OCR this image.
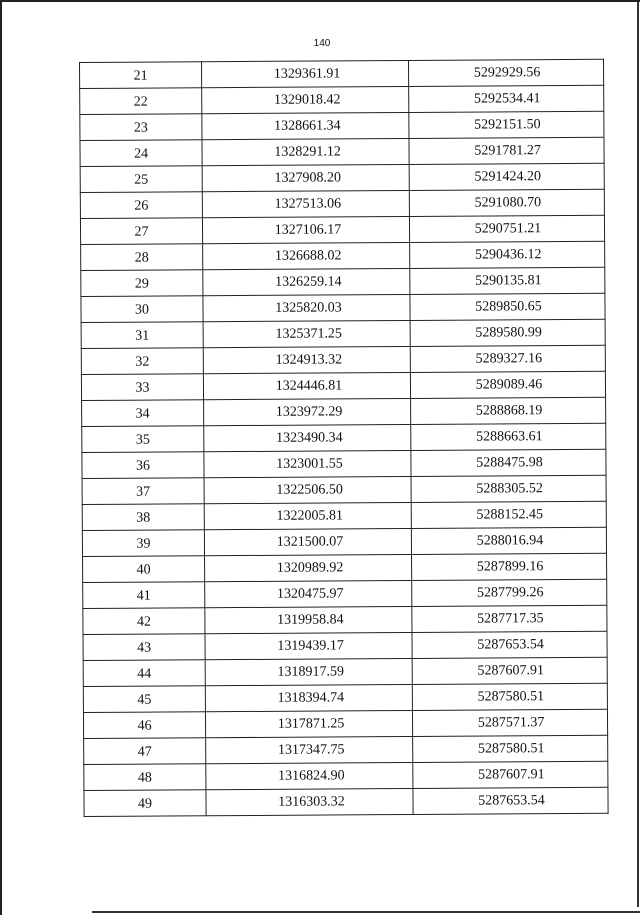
140
21	1329361.91	5292929.56
22	1329018.42	5292534.41
23	1328661.34	5292151.50
24	1328291.12	5291781.27
25	1327908.20	5291424.20
26	1327513.06	5291080.70
27	1327106.17	5290751.21
28	1326688.02	5290436.12
29	1326259.14	5290135.81
30	1325820.03	5289850.65
31	1325371.25	5289580.99
32	1324913.32	5289327.16
33	1324446.81	5289089.46
34	1323972.29	5288868.19
35	1323490.34	5288663.61
36	1323001.55	5288475.98
37	1322506.50	5288305.52
38	1322005.81	5288152.45
39	1321500.07	5288016.94
40	1320989.92	5287899.16
41	1320475.97	5287799.26
42	1319958.84	5287717.35
43	1319439.17	5287653.54
44	1318917.59	5287607.91
45	1318394.74	5287580.51
46	1317871.25	5287571.37
47	1317347.75	5287580.51
48	1316824.90	5287607.91
49	1316303.32	5287653.54
